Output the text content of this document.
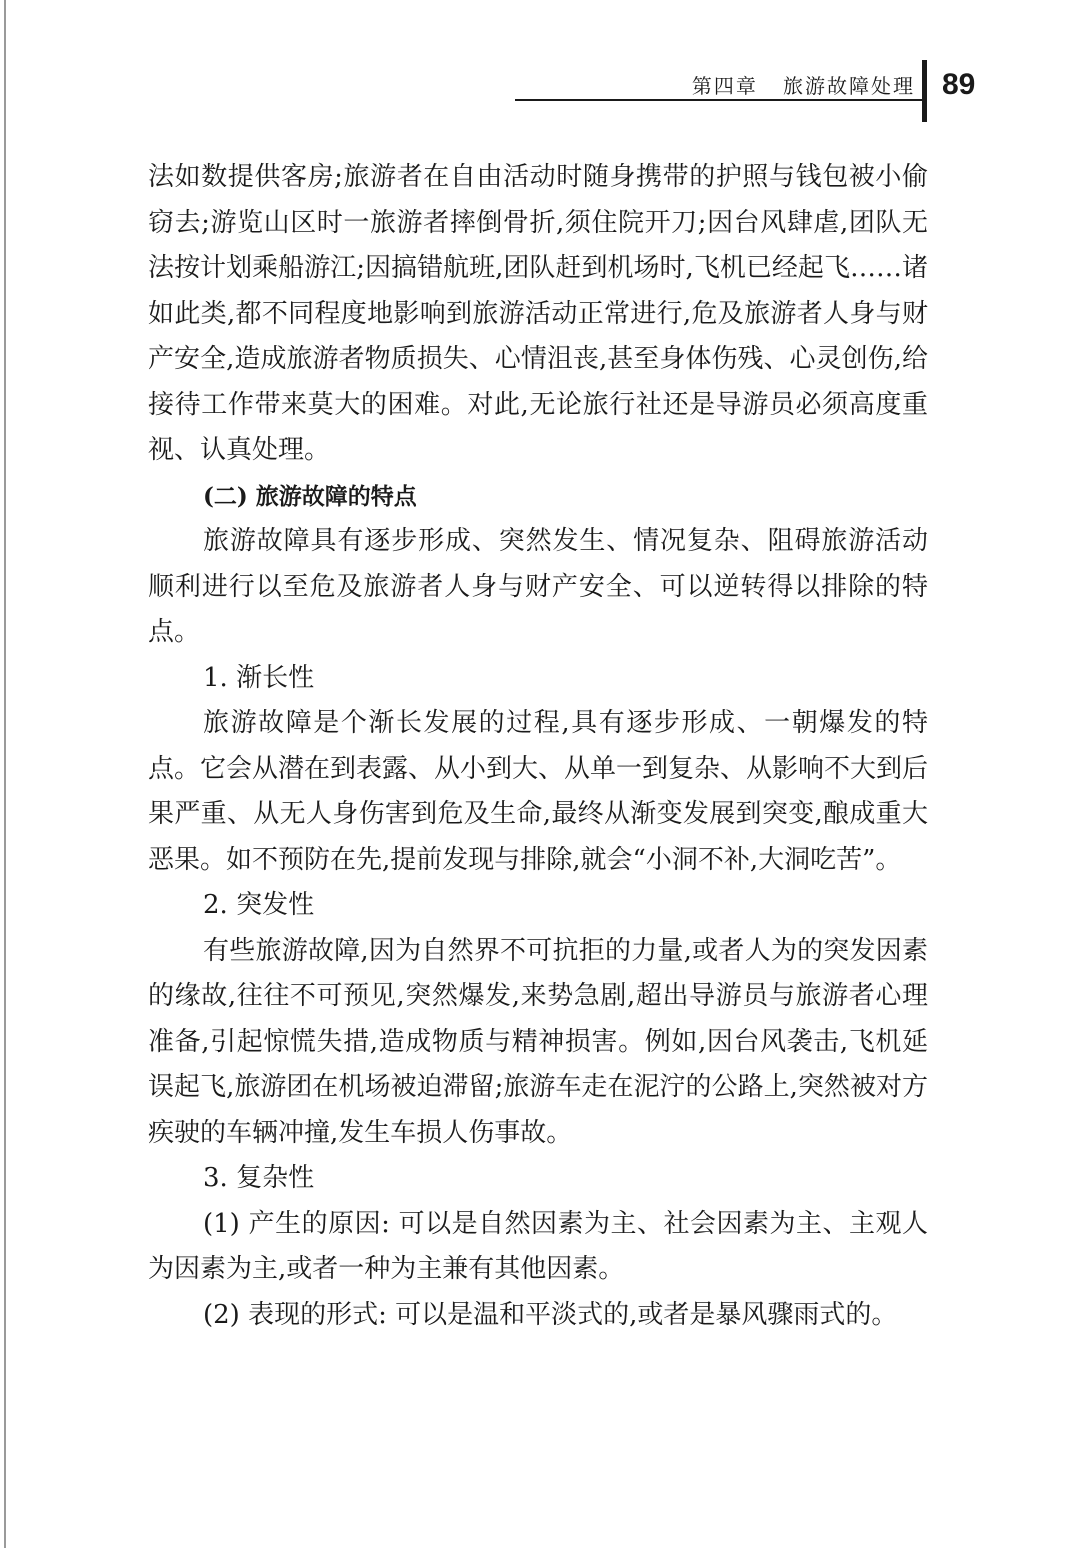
第四章   旅游故障处理 89

法如数提供客房;旅游者在自由活动时随身携带的护照与钱包被小偷窃去;游览山区时一旅游者摔倒骨折,须住院开刀;因台风肆虐,团队无法按计划乘船游江;因搞错航班,团队赶到机场时,飞机已经起飞……诸如此类,都不同程度地影响到旅游活动正常进行,危及旅游者人身与财产安全,造成旅游者物质损失、心情沮丧,甚至身体伤残、心灵创伤,给接待工作带来莫大的困难。对此,无论旅行社还是导游员必须高度重视、认真处理。

(二) 旅游故障的特点

旅游故障具有逐步形成、突然发生、情况复杂、阻碍旅游活动顺利进行以至危及旅游者人身与财产安全、可以逆转得以排除的特点。

1. 渐长性

旅游故障是个渐长发展的过程,具有逐步形成、一朝爆发的特点。它会从潜在到表露、从小到大、从单一到复杂、从影响不大到后果严重、从无人身伤害到危及生命,最终从渐变发展到突变,酿成重大恶果。如不预防在先,提前发现与排除,就会“小洞不补,大洞吃苦”。

2. 突发性

有些旅游故障,因为自然界不可抗拒的力量,或者人为的突发因素的缘故,往往不可预见,突然爆发,来势急剧,超出导游员与旅游者心理准备,引起惊慌失措,造成物质与精神损害。例如,因台风袭击,飞机延误起飞,旅游团在机场被迫滞留;旅游车走在泥泞的公路上,突然被对方疾驶的车辆冲撞,发生车损人伤事故。

3. 复杂性

(1) 产生的原因: 可以是自然因素为主、社会因素为主、主观人为因素为主,或者一种为主兼有其他因素。

(2) 表现的形式: 可以是温和平淡式的,或者是暴风骤雨式的。
